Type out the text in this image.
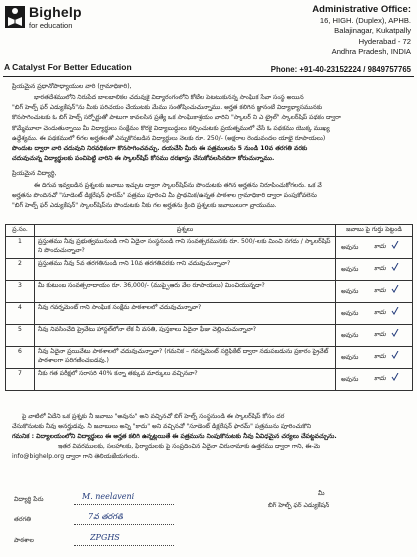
Bighelp
for education
A Catalyst For Better Education
Administrative Office:
16, HIGH. (Duplex), APHB.
Balajinagar, Kukatpally
Hyderabad - 72
Andhra Pradesh, INDIA
Phone: +91-40-23152224 / 9849757765
ప్రియమైన ప్రధానోపాధ్యాయుల వారి (గ్రామాధికారి),
భారతదేశములోని నిరుపేద బాలబాలికల చదువుకై విద్యారంగంలోని కోటేల పెటటుకునన్న సాంఘిక సేవా సంస్థ అయిన
"బిగ్ హెల్ప్ ఫర్ ఎడ్యుకేషన్"ను మీకు పరిచయం చేయుటకు మేము సంతోషించుచున్నాము. అర్హత కలిగిన జ్ఞానంటే విద్యాభ్యాసమునకు
కొనసాగించుటకు ఓ బిగ్ హెల్ప్ సర్పోర్టుతో పాటుగా కావలసిన ప్రత్యే ఒక సాంఘికాశ్రయం వారిని "స్కాలర్ ని ఎ ట్రైల్" స్కాలర్‌షిప్ పథకం ద్వారా
కొమ్మేమూలా చెందుతున్నాయి మీ విద్యార్థులు సంక్షేమం కొరకై విద్యాబుద్ధులు కల్పించుటకు ప్రయత్నములో చేసే ఓ పథకము యొక్క ముఖ్య
ఉద్దేశ్యము. ఈ పథకములో 6గల అర్హతలతో ఎన్నుకొనబడిన విద్యార్థులు నెలకు రూ. 250/- (అక్షరాల రెండువందల యాభై రూపాయలు)
పొందుట ద్వారా వారి చదువుని నిరవధికంగా కొనసాగించవచ్చు. దయచేసి మీరు ఈ పత్రములను 5 నుండి 10వ తరగతి వరకు
చదువుచున్న విద్యార్థులకు పంచిపెట్టి వారిని ఈ స్కాలర్‌షిప్ కోసము దరఖాస్తు చేసుకోవలసినదిగా కోరుచున్నాము.
ప్రియమైన విద్యార్థి,
ఈ దిగువ ఇవ్వబడిన ప్రశ్నలకు జవాబు ఇచ్చుట ద్వారా స్కాలర్‌షిప్‌ను పొందుటకు తగిన అర్హతను నిరూపించుకోగలరు. ఒక వే
అర్హతను పొందినచో "సూడెంట్ డిక్లరేషన్ ఫారమ్" పత్రము పూరించి మీ ప్రాథమిక/ఉన్నత పాఠశాల గ్రామాధికారి ద్వారా పంపుకోవలెను
"బిగ్ హెల్ప్ ఫర్ ఎడ్యుకేషన్" స్కాలర్‌షిప్‌ను పొందుటకు నీకు గల అర్హతను క్రింది ప్రశ్నలకు జవాబులుగా వ్రాయుము.
ప్ర.సం.	ప్రశ్నలు	జవాబు పై గుర్తు పెట్టండి
1	ప్రస్తుతము నీవు ప్రభుత్వమునుండి గాని ఏదైనా సంస్థనుండి గాని సంవత్సరమునకు రూ. 500/-లకు మించి నగదు / స్కాలర్‌షిప్ ని పొందుచున్నావా?	అవును కాదు

2	ప్రస్తుతము నీవు 5వ తరగతినుండి గాని 10వ తరగతివరకు గాని చదువుచున్నావా?	అవును కాదు

3	మీ కుటుంబ సంవత్సరాదాయం రూ. 36,000/- (ముప్పైఆరు వేల రూపాయలు) మించియున్నదా?	అవును కాదు

4	నీవు గవర్నమెంట్ గాని సాంఘిక సంక్షేమ పాఠశాలలో చదువుచున్నావా?	అవును కాదు

5	నీవు నివసించేది ప్రైవేటు హాస్టల్‌లోనా లేక నీ వసతి, పుస్తకాలు ఏదైనా ఫీజు చెల్లించుచున్నావా?	అవును కాదు

6	నీవు ఏదైనా ప్రయివేటు పాఠశాలలో చదువుచున్నావా? (గమనిక – గవర్నమెంట్ సర్టిఫికేట్ ద్వారా నడుపబడును ప్రకారం ప్రైవేట్ పాఠశాలగా పరిగణించబడవు.)	అవును కాదు

7	నీకు గత పరీక్షలో సరాసరి 40% కన్నా తక్కువ మార్కులు వచ్చినవా?	అవును కాదు
పై వాటిలో ఏదేని ఒక ప్రశ్నకు నీ జవాబు "అవును" అని వచ్చినచో బిగ్ హెల్ప్ సంస్థనుండి ఈ స్కాలర్‌షిప్ కోసం దర
చేసుకొనుటకు నీవు అనర్హుడవు. నీ జవాబులు అన్ని "కాదు" అని వచ్చినచో "సూడెంట్ డిక్లరేషన్ ఫారమ్" పత్రమును పూరించుకొని
గమనిక : విద్యాలయంలోని విద్యార్థులు ఈ అర్హత కలిగి ఉన్నట్లయితే ఈ పత్రమును నింపుకొనుటకు నీవు ఏవిధమైన చర్యలు చేపట్టవచ్చును.
ఇతర వివరములకు, సలహాలకు, ఫిర్యాదులకు పై సంప్రదించిన ఏదైనా చిరునామాకు ఉత్తరము ద్వారా గాని, ఈ-మె
info@bighelp.org ద్వారా గాని తెలియజేయగలరు.
విద్యార్థి పేరు	M. neelaveni
తరగతి	7వ తరగతి
పాఠశాల	ZPGHS
మీ
బిగ్ హెల్ప్ ఫర్ ఎడ్యుకేషన్
